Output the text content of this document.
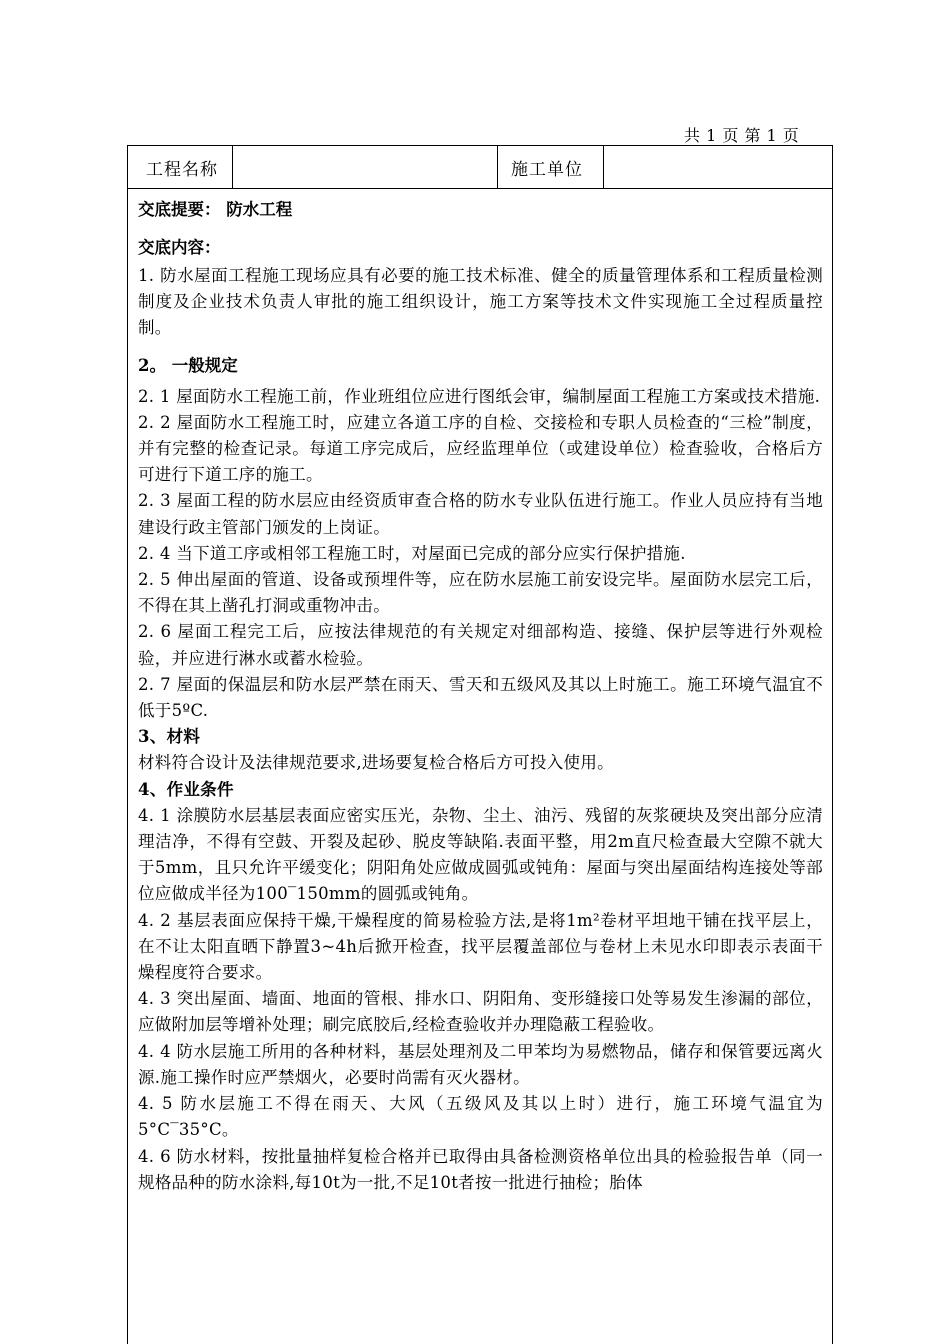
共 1 页 第 1 页
工程名称	施工单位
交底提要： 防水工程
交底内容：
1. 防水屋面工程施工现场应具有必要的施工技术标准、健全的质量管理体系和工程质量检测制度及企业技术负责人审批的施工组织设计，施工方案等技术文件实现施工全过程质量控制。
2。 一般规定
2. 1 屋面防水工程施工前，作业班组位应进行图纸会审，编制屋面工程施工方案或技术措施.
2. 2 屋面防水工程施工时，应建立各道工序的自检、交接检和专职人员检查的“三检”制度，并有完整的检查记录。每道工序完成后，应经监理单位（或建设单位）检查验收，合格后方可进行下道工序的施工。
2. 3 屋面工程的防水层应由经资质审查合格的防水专业队伍进行施工。作业人员应持有当地建设行政主管部门颁发的上岗证。
2. 4 当下道工序或相邻工程施工时，对屋面已完成的部分应实行保护措施.
2. 5 伸出屋面的管道、设备或预埋件等，应在防水层施工前安设完毕。屋面防水层完工后，不得在其上凿孔打洞或重物冲击。
2. 6 屋面工程完工后，应按法律规范的有关规定对细部构造、接缝、保护层等进行外观检验，并应进行淋水或蓄水检验。
2. 7 屋面的保温层和防水层严禁在雨天、雪天和五级风及其以上时施工。施工环境气温宜不低于5ºC.
3、材料
材料符合设计及法律规范要求,进场要复检合格后方可投入使用。
4、作业条件
4. 1 涂膜防水层基层表面应密实压光，杂物、尘土、油污、残留的灰浆硬块及突出部分应清理洁净，不得有空鼓、开裂及起砂、脱皮等缺陷.表面平整，用2m直尺检查最大空隙不就大于5mm，且只允许平缓变化；阴阳角处应做成圆弧或钝角：屋面与突出屋面结构连接处等部位应做成半径为100‾150mm的圆弧或钝角。
4. 2 基层表面应保持干燥,干燥程度的简易检验方法,是将1m²卷材平坦地干铺在找平层上，在不让太阳直晒下静置3~4h后掀开检查，找平层覆盖部位与卷材上未见水印即表示表面干燥程度符合要求。
4. 3 突出屋面、墙面、地面的管根、排水口、阴阳角、变形缝接口处等易发生渗漏的部位，应做附加层等增补处理；刷完底胶后,经检查验收并办理隐蔽工程验收。
4. 4 防水层施工所用的各种材料，基层处理剂及二甲苯均为易燃物品，储存和保管要远离火源.施工操作时应严禁烟火，必要时尚需有灭火器材。
4. 5 防水层施工不得在雨天、大风（五级风及其以上时）进行，施工环境气温宜为5°C‾35°C。
4. 6 防水材料，按批量抽样复检合格并已取得由具备检测资格单位出具的检验报告单（同一规格品种的防水涂料,每10t为一批,不足10t者按一批进行抽检；胎体
